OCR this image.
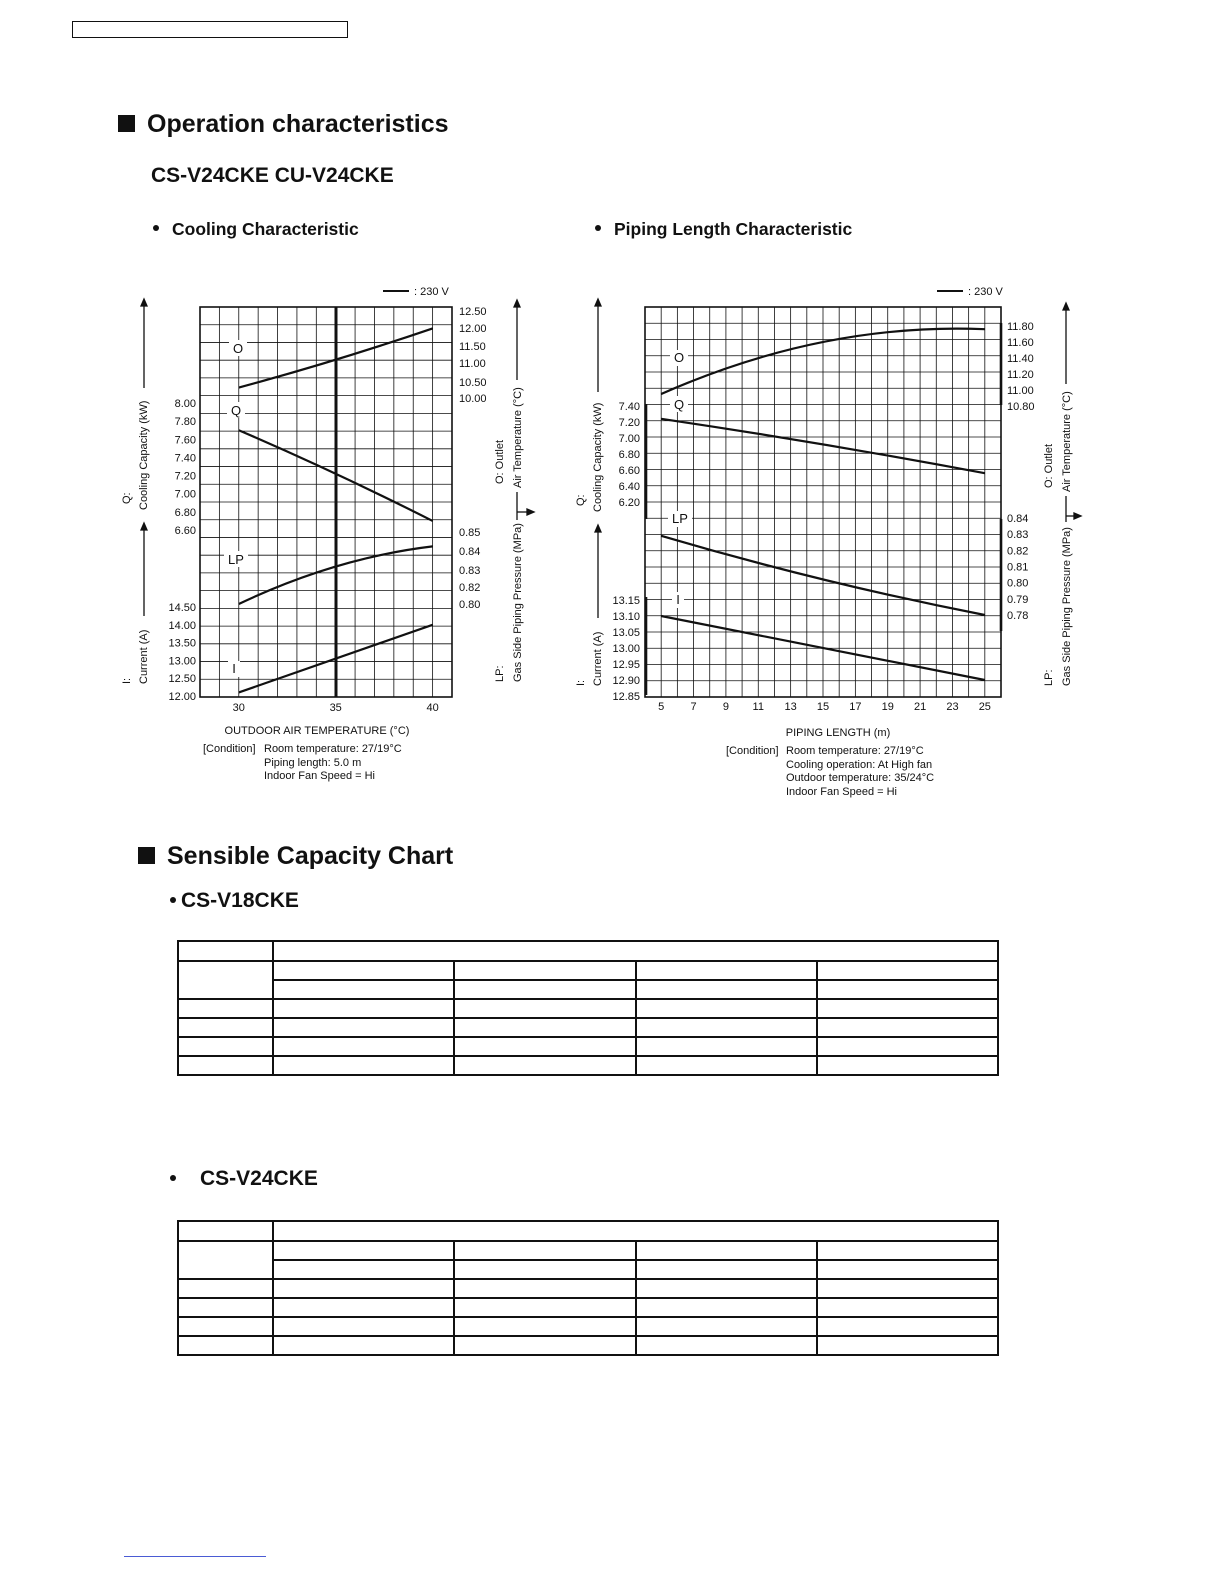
Operation characteristics
CS-V24CKE CU-V24CKE
Cooling Characteristic	Piping Length Characteristic
: 230 V
O
Q
LP
I
8.00
7.80
7.60
7.40
7.20
7.00
6.80
6.60
14.50
14.00
13.50
13.00
12.50
12.00
12.50
12.00
11.50
11.00
10.50
10.00
0.85
0.84
0.83
0.82
0.80
30	35	40
Q: Cooling Capacity (kW)
I: Current (A)
O: Outlet Air Temperature (°C)
LP: Gas Side Piping Pressure (MPa)
OUTDOOR AIR TEMPERATURE (°C)
[Condition] Room temperature: 27/19°C
Piping length: 5.0 m
Indoor Fan Speed = Hi
: 230 V
O
Q
LP
I
7.40
7.20
7.00
6.80
6.60
6.40
6.20
13.15
13.10
13.05
13.00
12.95
12.90
12.85
11.80
11.60
11.40
11.20
11.00
10.80
0.84
0.83
0.82
0.81
0.80
0.79
0.78
5 7 9 11 13 15 17 19 21 23 25
Q: Cooling Capacity (kW)
I: Current (A)
O: Outlet Air Temperature (°C)
LP: Gas Side Piping Pressure (MPa)
PIPING LENGTH (m)
[Condition] Room temperature: 27/19°C
Cooling operation: At High fan
Outdoor temperature: 35/24°C
Indoor Fan Speed = Hi
Sensible Capacity Chart
CS-V18CKE

CS-V24CKE
